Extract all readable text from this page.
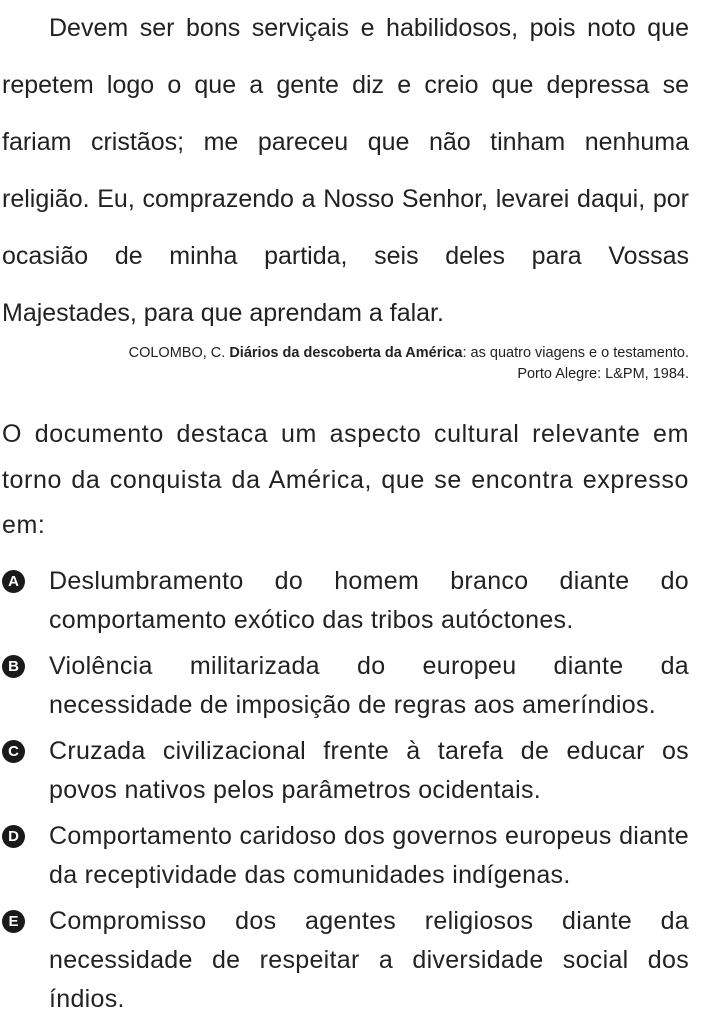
Devem ser bons serviçais e habilidosos, pois noto que repetem logo o que a gente diz e creio que depressa se fariam cristãos; me pareceu que não tinham nenhuma religião. Eu, comprazendo a Nosso Senhor, levarei daqui, por ocasião de minha partida, seis deles para Vossas Majestades, para que aprendam a falar.

COLOMBO, C. Diários da descoberta da América: as quatro viagens e o testamento.
Porto Alegre: L&PM, 1984.

O documento destaca um aspecto cultural relevante em torno da conquista da América, que se encontra expresso em:

A Deslumbramento do homem branco diante do comportamento exótico das tribos autóctones.
B Violência militarizada do europeu diante da necessidade de imposição de regras aos ameríndios.
C Cruzada civilizacional frente à tarefa de educar os povos nativos pelos parâmetros ocidentais.
D Comportamento caridoso dos governos europeus diante da receptividade das comunidades indígenas.
E Compromisso dos agentes religiosos diante da necessidade de respeitar a diversidade social dos índios.
